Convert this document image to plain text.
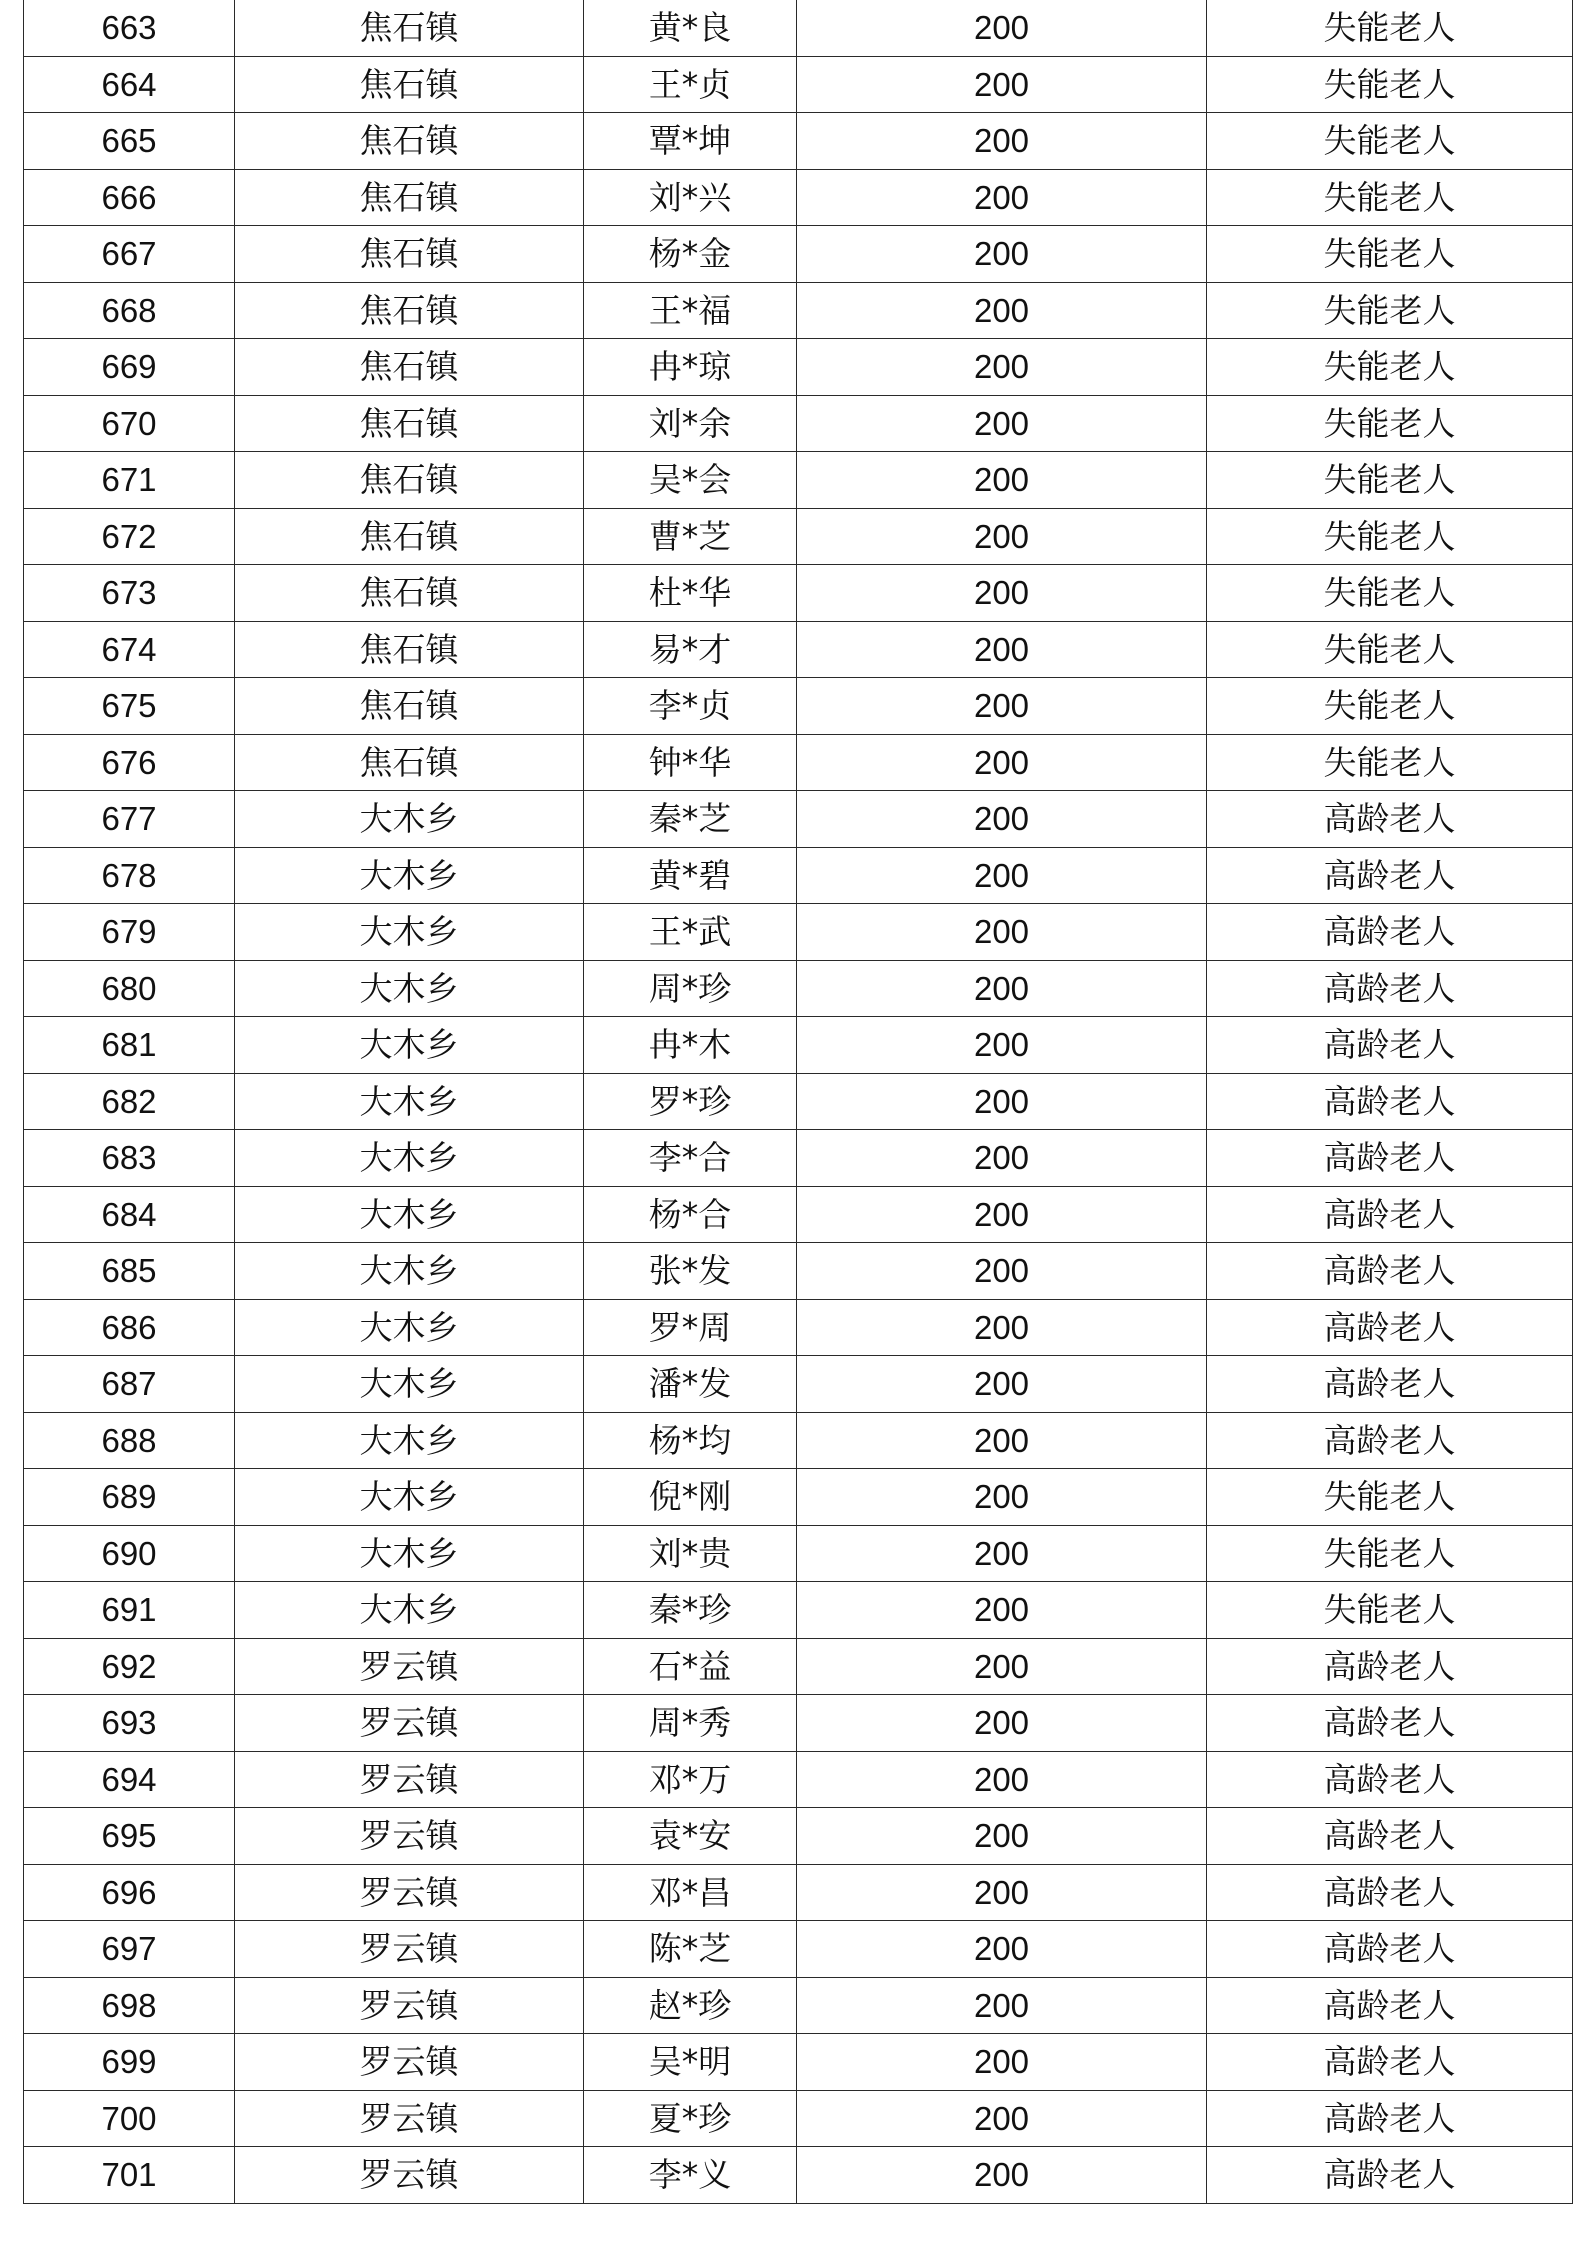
663	焦石镇	黄*良	200	失能老人
664	焦石镇	王*贞	200	失能老人
665	焦石镇	覃*坤	200	失能老人
666	焦石镇	刘*兴	200	失能老人
667	焦石镇	杨*金	200	失能老人
668	焦石镇	王*福	200	失能老人
669	焦石镇	冉*琼	200	失能老人
670	焦石镇	刘*余	200	失能老人
671	焦石镇	吴*会	200	失能老人
672	焦石镇	曹*芝	200	失能老人
673	焦石镇	杜*华	200	失能老人
674	焦石镇	易*才	200	失能老人
675	焦石镇	李*贞	200	失能老人
676	焦石镇	钟*华	200	失能老人
677	大木乡	秦*芝	200	高龄老人
678	大木乡	黄*碧	200	高龄老人
679	大木乡	王*武	200	高龄老人
680	大木乡	周*珍	200	高龄老人
681	大木乡	冉*木	200	高龄老人
682	大木乡	罗*珍	200	高龄老人
683	大木乡	李*合	200	高龄老人
684	大木乡	杨*合	200	高龄老人
685	大木乡	张*发	200	高龄老人
686	大木乡	罗*周	200	高龄老人
687	大木乡	潘*发	200	高龄老人
688	大木乡	杨*均	200	高龄老人
689	大木乡	倪*刚	200	失能老人
690	大木乡	刘*贵	200	失能老人
691	大木乡	秦*珍	200	失能老人
692	罗云镇	石*益	200	高龄老人
693	罗云镇	周*秀	200	高龄老人
694	罗云镇	邓*万	200	高龄老人
695	罗云镇	袁*安	200	高龄老人
696	罗云镇	邓*昌	200	高龄老人
697	罗云镇	陈*芝	200	高龄老人
698	罗云镇	赵*珍	200	高龄老人
699	罗云镇	吴*明	200	高龄老人
700	罗云镇	夏*珍	200	高龄老人
701	罗云镇	李*义	200	高龄老人
